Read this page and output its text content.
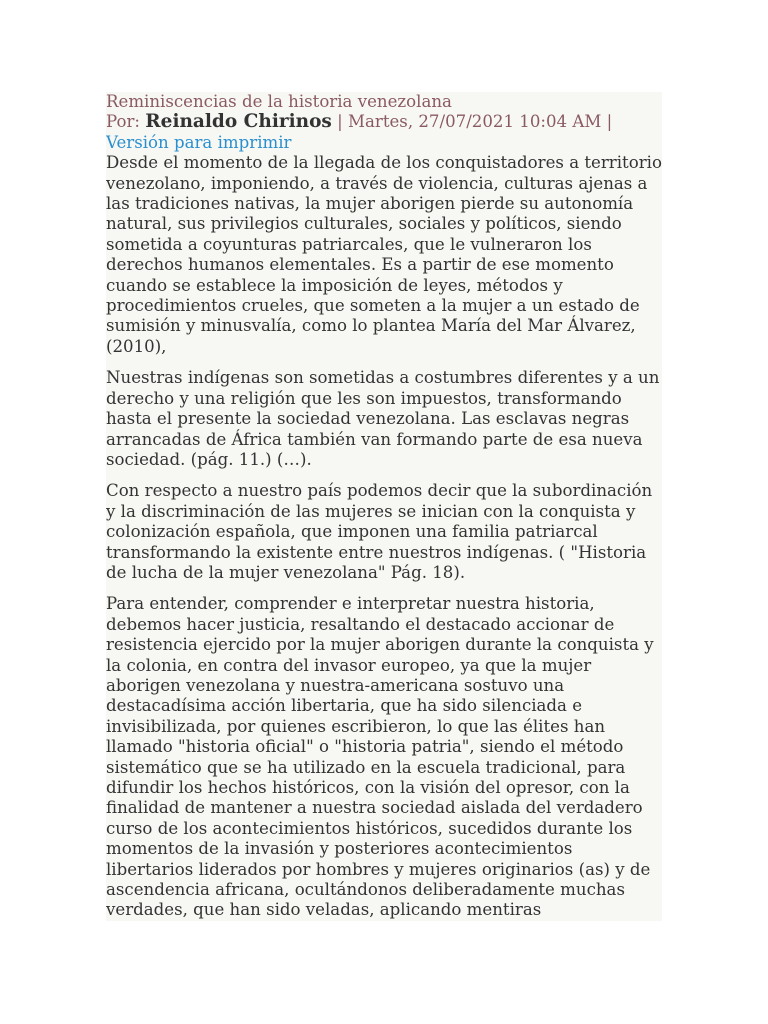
Reminiscencias de la historia venezolana
Por: Reinaldo Chirinos | Martes, 27/07/2021 10:04 AM | Versión para imprimir

Desde el momento de la llegada de los conquistadores a territorio venezolano, imponiendo, a través de violencia, culturas ajenas a las tradiciones nativas, la mujer aborigen pierde su autonomía natural, sus privilegios culturales, sociales y políticos, siendo sometida a coyunturas patriarcales, que le vulneraron los derechos humanos elementales. Es a partir de ese momento cuando se establece la imposición de leyes, métodos y procedimientos crueles, que someten a la mujer a un estado de sumisión y minusvalía, como lo plantea María del Mar Álvarez, (2010),

Nuestras indígenas son sometidas a costumbres diferentes y a un derecho y una religión que les son impuestos, transformando hasta el presente la sociedad venezolana. Las esclavas negras arrancadas de África también van formando parte de esa nueva sociedad. (pág. 11.) (…).

Con respecto a nuestro país podemos decir que la subordinación y la discriminación de las mujeres se inician con la conquista y colonización española, que imponen una familia patriarcal transformando la existente entre nuestros indígenas. ( "Historia de lucha de la mujer venezolana" Pág. 18).

Para entender, comprender e interpretar nuestra historia, debemos hacer justicia, resaltando el destacado accionar de resistencia ejercido por la mujer aborigen durante la conquista y la colonia, en contra del invasor europeo, ya que la mujer aborigen venezolana y nuestra-americana sostuvo una destacadísima acción libertaria, que ha sido silenciada e invisibilizada, por quienes escribieron, lo que las élites han llamado "historia oficial" o "historia patria", siendo el método sistemático que se ha utilizado en la escuela tradicional, para difundir los hechos históricos, con la visión del opresor, con la finalidad de mantener a nuestra sociedad aislada del verdadero curso de los acontecimientos históricos, sucedidos durante los momentos de la invasión y posteriores acontecimientos libertarios liderados por hombres y mujeres originarios (as) y de ascendencia africana, ocultándonos deliberadamente muchas verdades, que han sido veladas, aplicando mentiras
